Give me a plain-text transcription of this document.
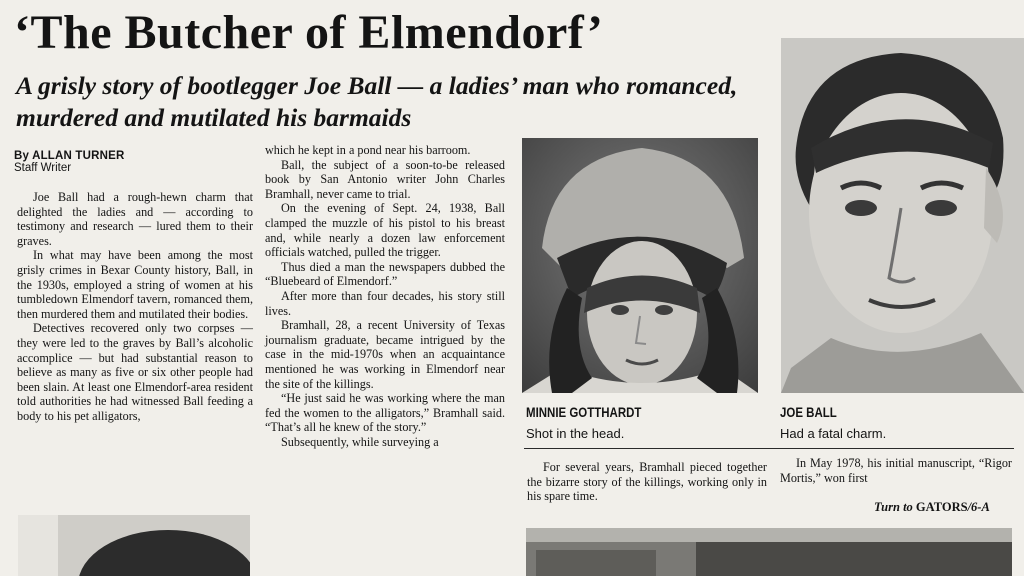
‘The Butcher of Elmendorf’
A grisly story of bootlegger Joe Ball — a ladies’ man who romanced, murdered and mutilated his barmaids
By ALLAN TURNER
Staff Writer

Joe Ball had a rough-hewn charm that delighted the ladies and — according to testimony and research — lured them to their graves.

In what may have been among the most grisly crimes in Bexar County history, Ball, in the 1930s, employed a string of women at his tumbledown Elmendorf tavern, romanced them, then murdered them and mutilated their bodies.

Detectives recovered only two corpses — they were led to the graves by Ball’s alcoholic accomplice — but had substantial reason to believe as many as five or six other people had been slain. At least one Elmendorf-area resident told authorities he had witnessed Ball feeding a body to his pet alligators,

which he kept in a pond near his barroom.

Ball, the subject of a soon-to-be released book by San Antonio writer John Charles Bramhall, never came to trial.

On the evening of Sept. 24, 1938, Ball clamped the muzzle of his pistol to his breast and, while nearly a dozen law enforcement officials watched, pulled the trigger.

Thus died a man the newspapers dubbed the “Bluebeard of Elmendorf.”

After more than four decades, his story still lives.

Bramhall, 28, a recent University of Texas journalism graduate, became intrigued by the case in the mid-1970s when an acquaintance mentioned he was working in Elmendorf near the site of the killings.

“He just said he was working where the man fed the women to the alligators,” Bramhall said. “That’s all he knew of the story.”

Subsequently, while surveying a

MINNIE GOTTHARDT
Shot in the head.
JOE BALL
Had a fatal charm.

For several years, Bramhall pieced together the bizarre story of the killings, working only in his spare time.

In May 1978, his initial manuscript, “Rigor Mortis,” won first

Turn to GATORS/6-A
